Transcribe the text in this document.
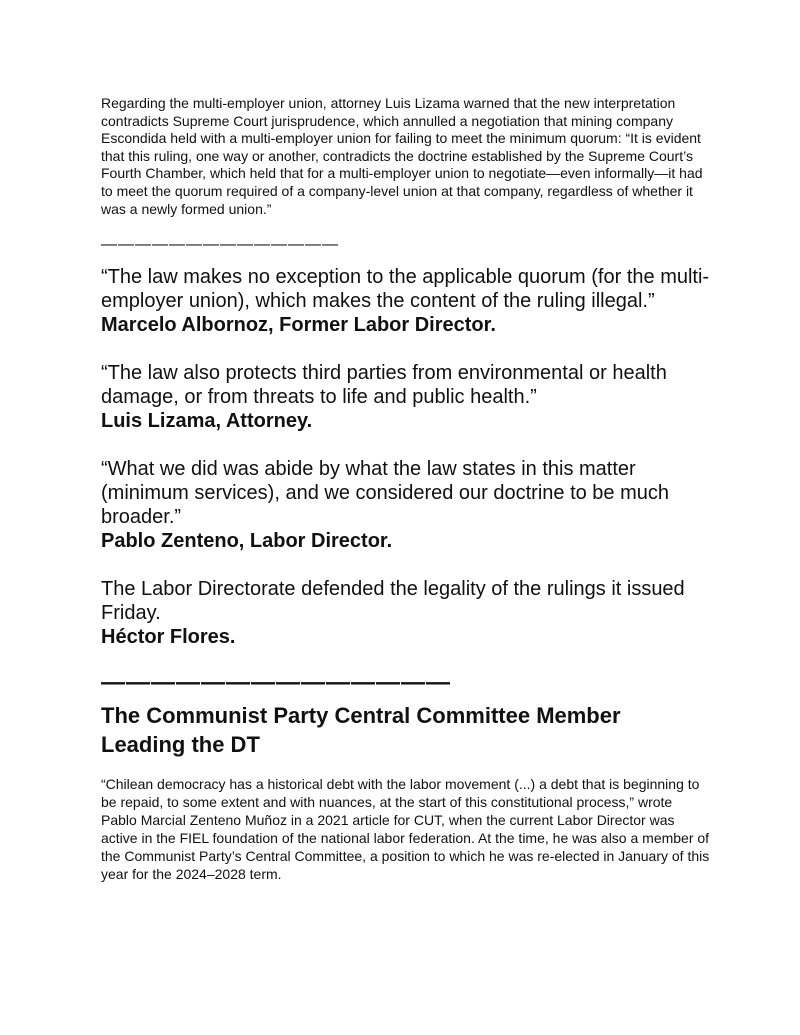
Regarding the multi-employer union, attorney Luis Lizama warned that the new interpretation contradicts Supreme Court jurisprudence, which annulled a negotiation that mining company Escondida held with a multi-employer union for failing to meet the minimum quorum: “It is evident that this ruling, one way or another, contradicts the doctrine established by the Supreme Court’s Fourth Chamber, which held that for a multi-employer union to negotiate—even informally—it had to meet the quorum required of a company-level union at that company, regardless of whether it was a newly formed union.”

——————————————
“The law makes no exception to the applicable quorum (for the multi-employer union), which makes the content of the ruling illegal.”
Marcelo Albornoz, Former Labor Director.
“The law also protects third parties from environmental or health damage, or from threats to life and public health.”
Luis Lizama, Attorney.
“What we did was abide by what the law states in this matter (minimum services), and we considered our doctrine to be much broader.”
Pablo Zenteno, Labor Director.
The Labor Directorate defended the legality of the rulings it issued Friday.
Héctor Flores.
——————————————
The Communist Party Central Committee Member Leading the DT

“Chilean democracy has a historical debt with the labor movement (...) a debt that is beginning to be repaid, to some extent and with nuances, at the start of this constitutional process,” wrote Pablo Marcial Zenteno Muñoz in a 2021 article for CUT, when the current Labor Director was active in the FIEL foundation of the national labor federation. At the time, he was also a member of the Communist Party’s Central Committee, a position to which he was re-elected in January of this year for the 2024–2028 term.
